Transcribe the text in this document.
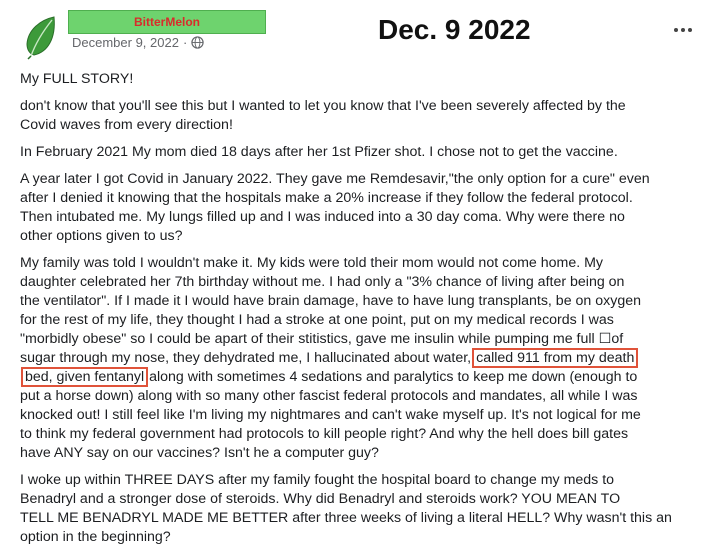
BitterMelon
December 9, 2022 ·	Dec. 9 2022

My FULL STORY!

don't know that you'll see this but I wanted to let you know that I've been severely affected by the
Covid waves from every direction!

In February 2021 My mom died 18 days after her 1st Pfizer shot. I chose not to get the vaccine.

A year later I got Covid in January 2022. They gave me Remdesavir,"the only option for a cure" even
after I denied it knowing that the hospitals make a 20% increase if they follow the federal protocol.
Then intubated me. My lungs filled up and I was induced into a 30 day coma. Why were there no
other options given to us?

My family was told I wouldn't make it. My kids were told their mom would not come home. My
daughter celebrated her 7th birthday without me. I had only a "3% chance of living after being on
the ventilator". If I made it I would have brain damage, have to have lung transplants, be on oxygen
for the rest of my life, they thought I had a stroke at one point, put on my medical records I was
"morbidly obese" so I could be apart of their stitistics, gave me insulin while pumping me full ☐of
sugar through my nose, they dehydrated me, I hallucinated about water, called 911 from my death
bed, given fentanyl along with sometimes 4 sedations and paralytics to keep me down (enough to
put a horse down) along with so many other fascist federal protocols and mandates, all while I was
knocked out! I still feel like I'm living my nightmares and can't wake myself up. It's not logical for me
to think my federal government had protocols to kill people right? And why the hell does bill gates
have ANY say on our vaccines? Isn't he a computer guy?

I woke up within THREE DAYS after my family fought the hospital board to change my meds to
Benadryl and a stronger dose of steroids. Why did Benadryl and steroids work? YOU MEAN TO
TELL ME BENADRYL MADE ME BETTER after three weeks of living a literal HELL? Why wasn't this an
option in the beginning?
